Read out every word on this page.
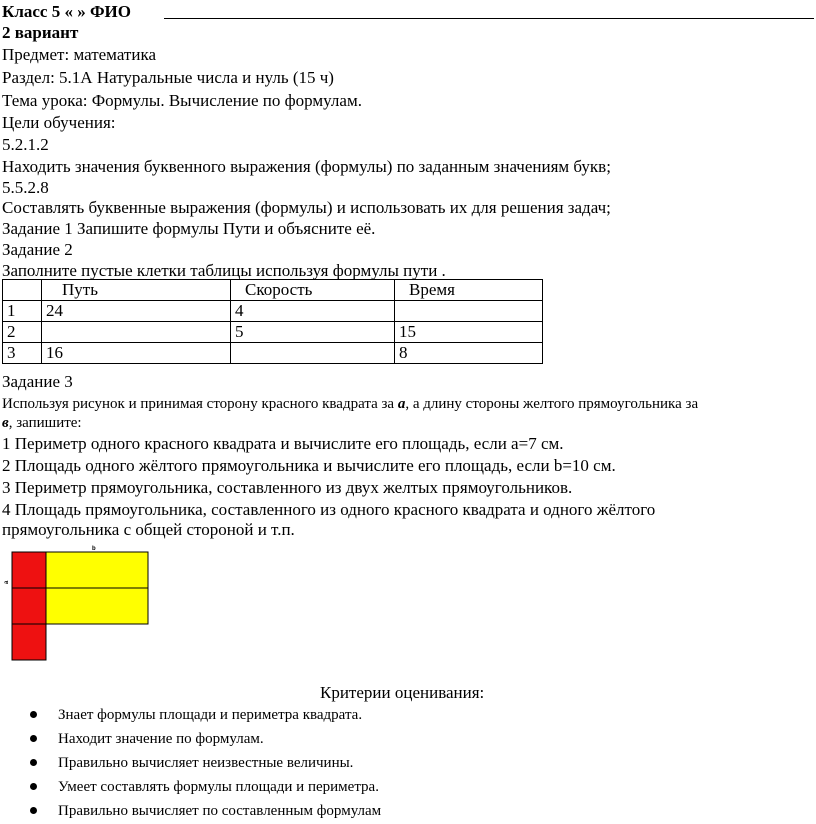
Класс 5 « » ФИО
2 вариант
Предмет: математика
Раздел: 5.1А Натуральные числа и нуль (15 ч)
Тема урока: Формулы. Вычисление по формулам.
Цели обучения:
5.2.1.2
Находить значения буквенного выражения (формулы) по заданным значениям букв;
5.5.2.8
Составлять буквенные выражения (формулы) и использовать их для решения задач;
Задание 1 Запишите формулы Пути и объясните её.
Задание 2
Заполните пустые клетки таблицы используя формулы пути .
	Путь	Скорость	Время
1	24	4	
2		5	15
3	16		8
Задание 3
Используя рисунок и принимая сторону красного квадрата за а, а длину стороны желтого прямоугольника за
в, запишите:
1 Периметр одного красного квадрата и вычислите его площадь, если а=7 см.
2 Площадь одного жёлтого прямоугольника и вычислите его площадь, если b=10 см.
3 Периметр прямоугольника, составленного из двух желтых прямоугольников.
4 Площадь прямоугольника, составленного из одного красного квадрата и одного жёлтого
прямоугольника с общей стороной и т.п.
b
a
Критерии оценивания:
Знает формулы площади и периметра квадрата.
Находит значение по формулам.
Правильно вычисляет неизвестные величины.
Умеет составлять формулы площади и периметра.
Правильно вычисляет по составленным формулам
